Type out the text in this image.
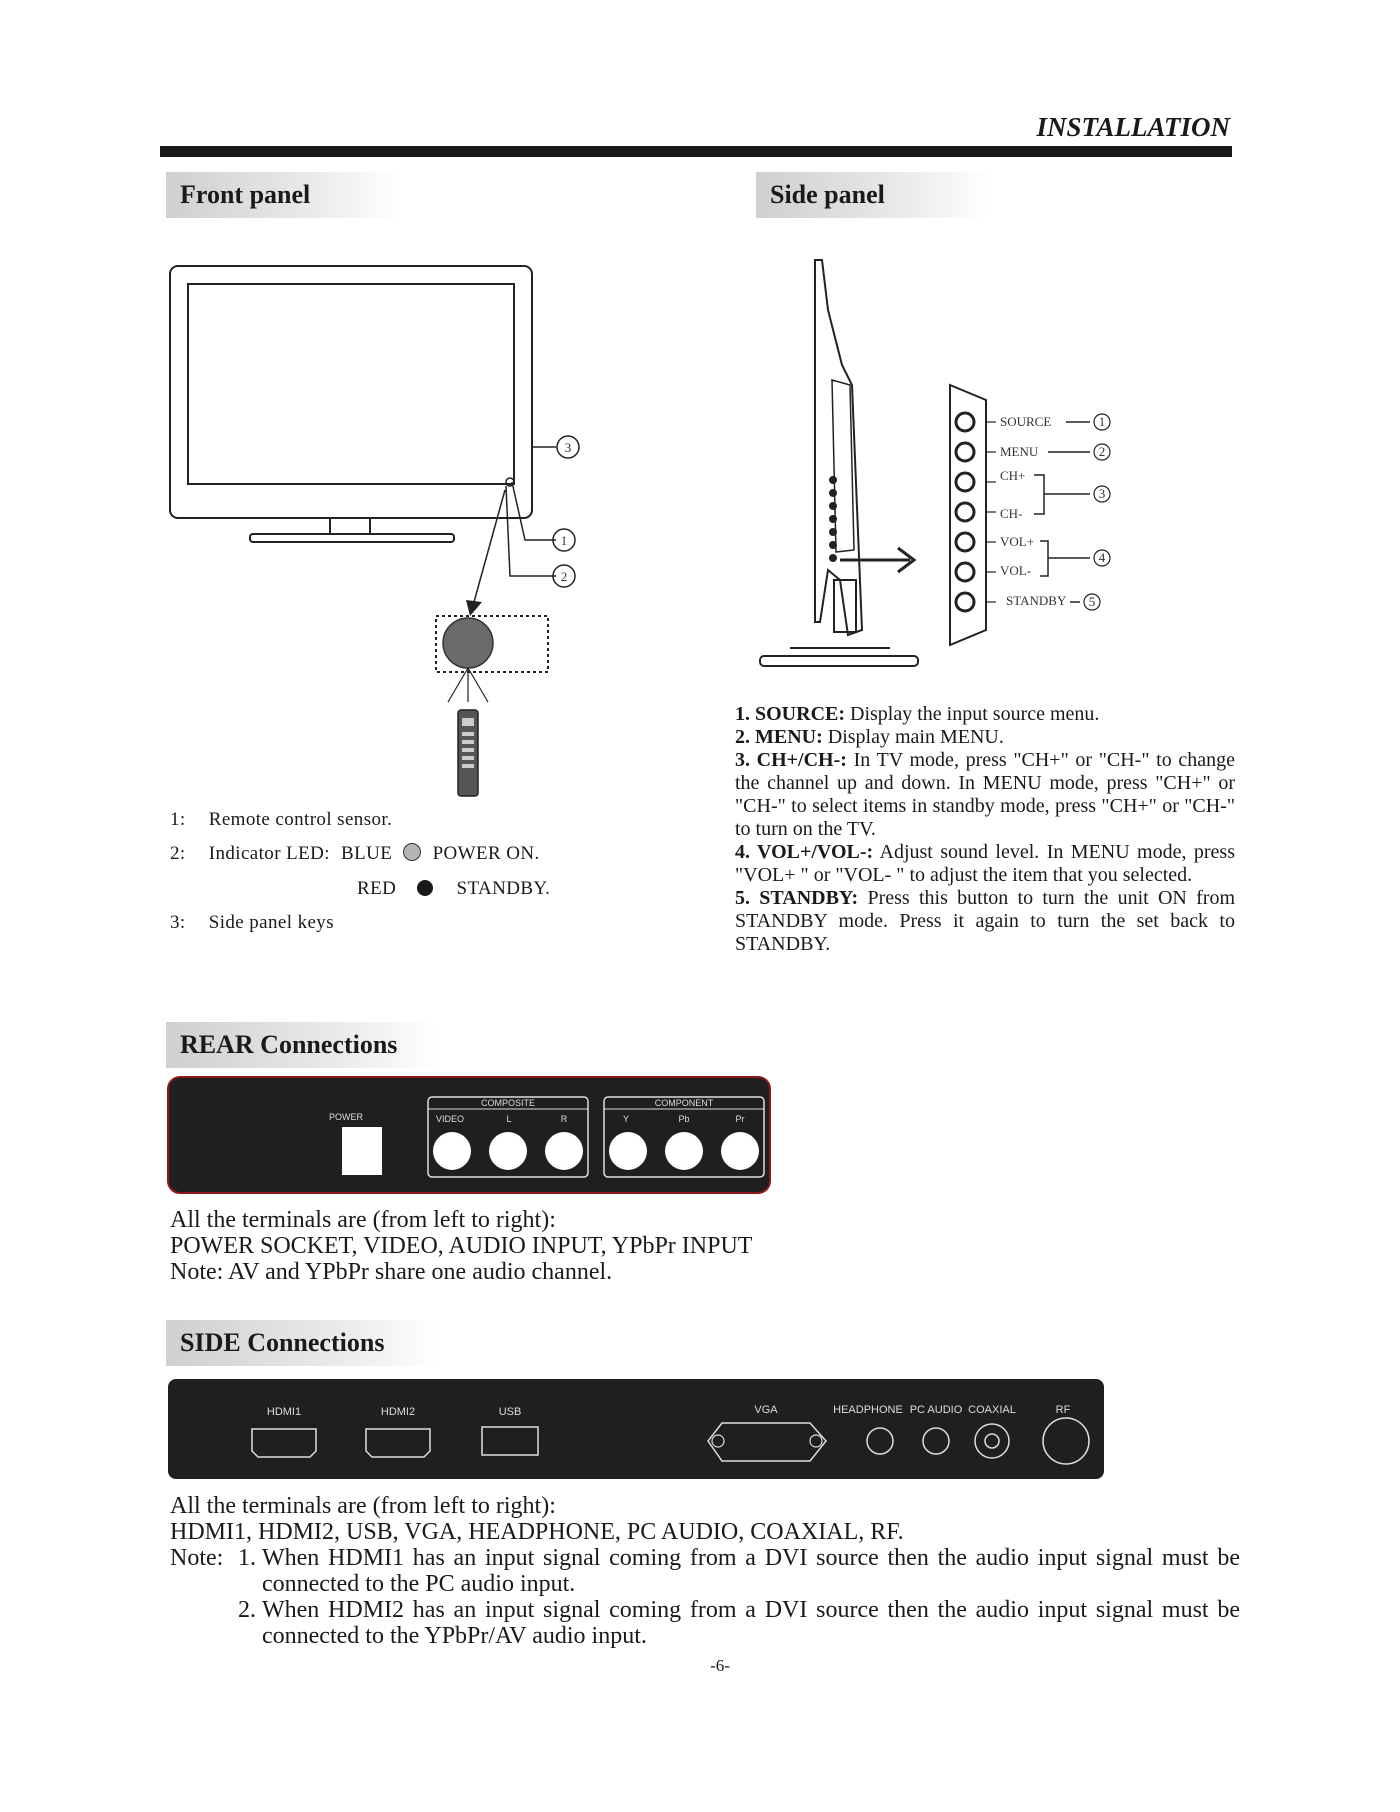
INSTALLATION
Front panel	Side panel
REAR Connections
SIDE Connections
3
1
2
1: Remote control sensor.
2: Indicator LED: BLUE POWER ON.
RED	STANDBY.
3: Side panel keys
SOURCE
MENU
CH+
CH-
VOL+
VOL-
STANDBY
1
2
3
4
5
1. SOURCE: Display the input source menu.
2. MENU: Display main MENU.
3. CH+/CH-: In TV mode, press "CH+" or "CH-" to change the channel up and down. In MENU mode, press "CH+" or "CH-" to select items in standby mode, press "CH+" or "CH-" to turn on the TV.
4. VOL+/VOL-: Adjust sound level. In MENU mode, press "VOL+ " or "VOL- " to adjust the item that you selected.
5. STANDBY: Press this button to turn the unit ON from STANDBY mode. Press it again to turn the set back to STANDBY.
POWER
COMPOSITE
VIDEO	L	R
COMPONENT
Y	Pb	Pr
All the terminals are (from left to right):
POWER SOCKET, VIDEO, AUDIO INPUT, YPbPr INPUT
Note: AV and YPbPr share one audio channel.
HDMI1	HDMI2	USB	VGA	HEADPHONE PC AUDIO COAXIAL	RF
All the terminals are (from left to right):
HDMI1, HDMI2, USB, VGA, HEADPHONE, PC AUDIO, COAXIAL, RF.
Note: 1. When HDMI1 has an input signal coming from a DVI source then the audio input signal must be
connected to the PC audio input.
2. When HDMI2 has an input signal coming from a DVI source then the audio input signal must be
connected to the YPbPr/AV audio input.
-6-
